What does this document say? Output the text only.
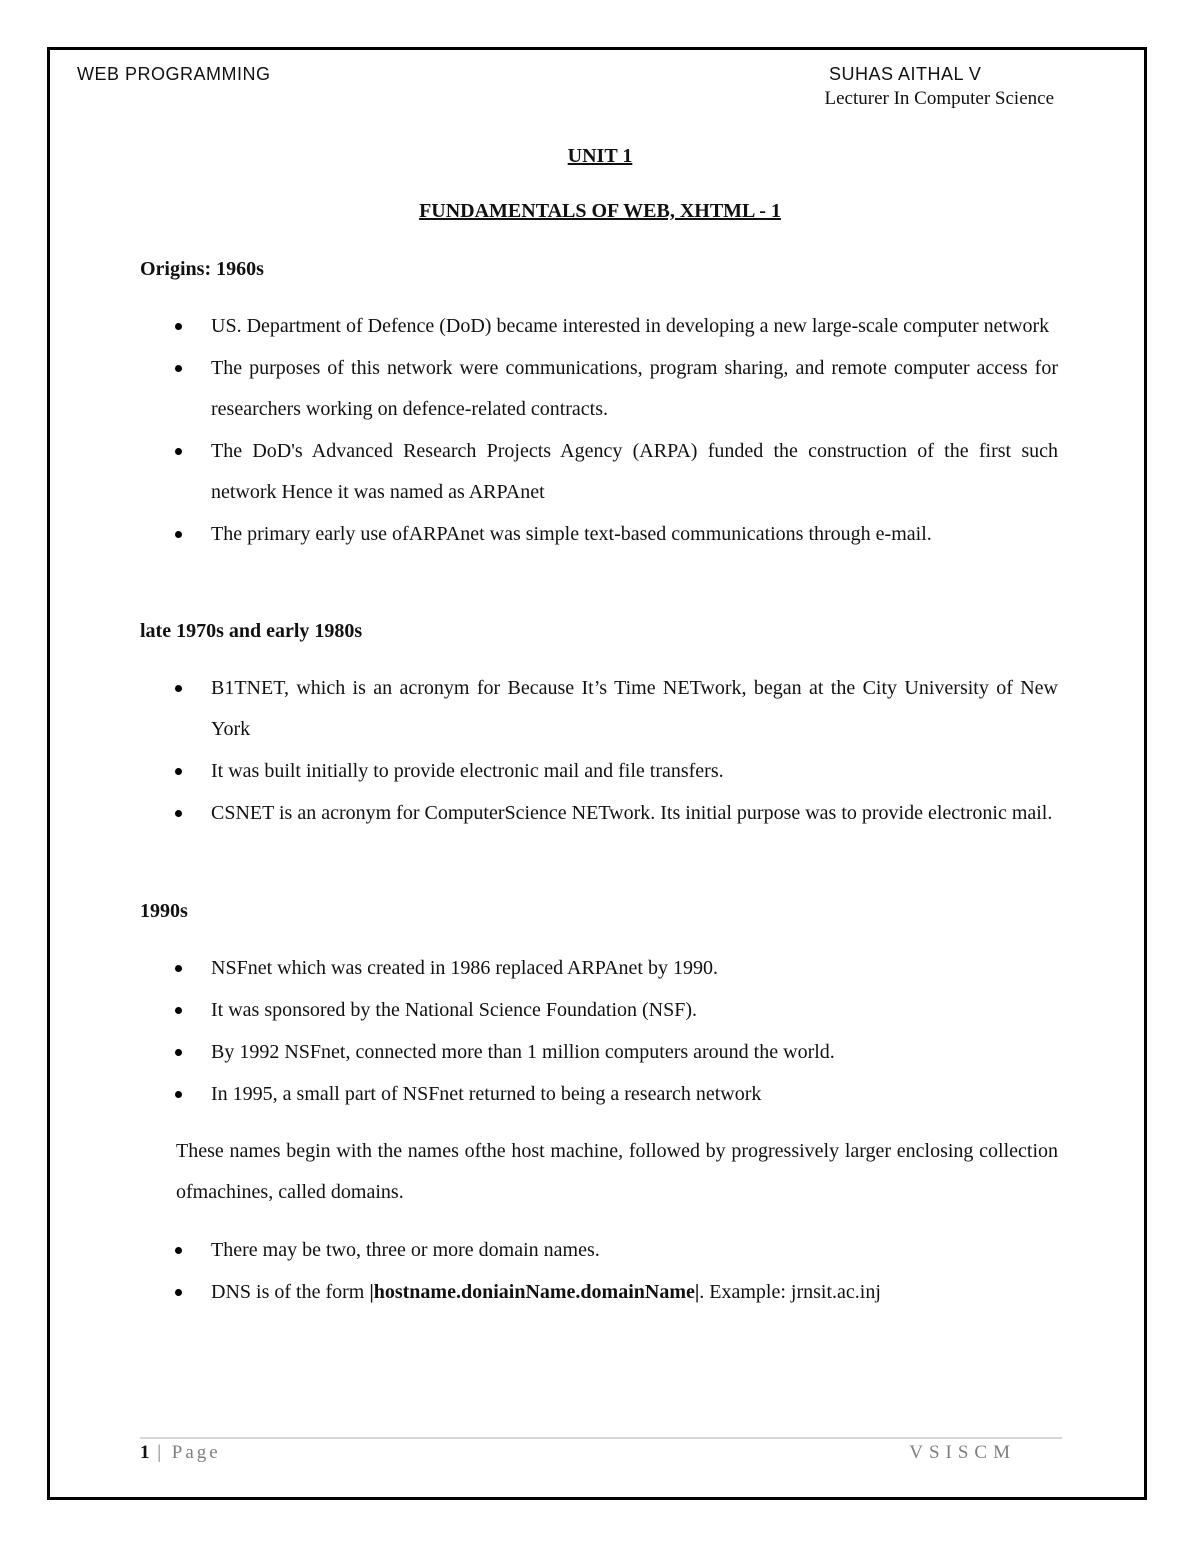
WEB PROGRAMMING	SUHAS AITHAL V
Lecturer In Computer Science
UNIT 1
FUNDAMENTALS OF WEB, XHTML - 1
Origins: 1960s
US. Department of Defence (DoD) became interested in developing a new large-scale computer network
The purposes of this network were communications, program sharing, and remote computer access for researchers working on defence-related contracts.
The DoD's Advanced Research Projects Agency (ARPA) funded the construction of the first such network Hence it was named as ARPAnet
The primary early use ofARPAnet was simple text-based communications through e-mail.
late 1970s and early 1980s
B1TNET, which is an acronym for Because It’s Time NETwork, began at the City University of New York
It was built initially to provide electronic mail and file transfers.
CSNET is an acronym for ComputerScience NETwork. Its initial purpose was to provide electronic mail.
1990s
NSFnet which was created in 1986 replaced ARPAnet by 1990.
It was sponsored by the National Science Foundation (NSF).
By 1992 NSFnet, connected more than 1 million computers around the world.
In 1995, a small part of NSFnet returned to being a research network
These names begin with the names ofthe host machine, followed by progressively larger enclosing collection ofmachines, called domains.
There may be two, three or more domain names.
DNS is of the form |hostname.doniainName.domainName|. Example: jrnsit.ac.inj
1 | Page	VSISCM
